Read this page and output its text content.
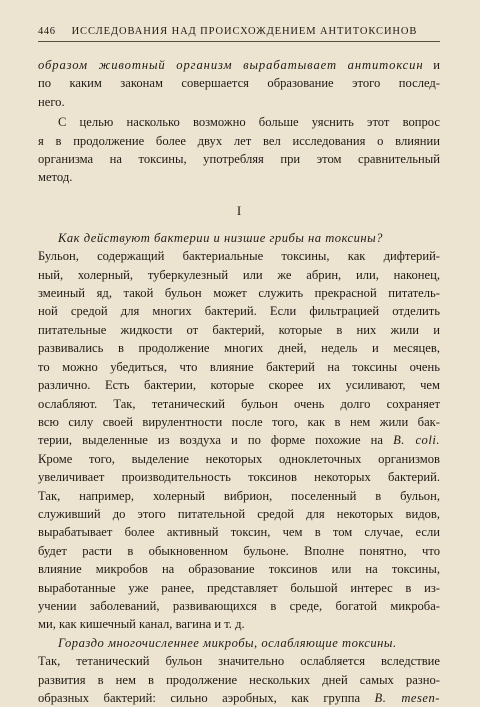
446 ИССЛЕДОВАНИЯ НАД ПРОИСХОЖДЕНИЕМ АНТИТОКСИНОВ

образом животный организм вырабатывает антитоксин и
по каким законам совершается образование этого послед-
него.

С целью насколько возможно больше уяснить этот вопрос
я в продолжение более двух лет вел исследования о влиянии
организма на токсины, употребляя при этом сравнительный
метод.

I

Как действуют бактерии и низшие грибы на токсины?
Бульон, содержащий бактериальные токсины, как дифтерий-
ный, холерный, туберкулезный или же абрин, или, наконец,
змеиный яд, такой бульон может служить прекрасной питатель-
ной средой для многих бактерий. Если фильтрацией отделить
питательные жидкости от бактерий, которые в них жили и
развивались в продолжение многих дней, недель и месяцев,
то можно убедиться, что влияние бактерий на токсины очень
различно. Есть бактерии, которые скорее их усиливают, чем
ослабляют. Так, тетанический бульон очень долго сохраняет
всю силу своей вирулентности после того, как в нем жили бак-
терии, выделенные из воздуха и по форме похожие на B. coli.
Кроме того, выделение некоторых одноклеточных организмов
увеличивает производительность токсинов некоторых бактерий.
Так, например, холерный вибрион, поселенный в бульон,
служивший до этого питательной средой для некоторых видов,
вырабатывает более активный токсин, чем в том случае, если
будет расти в обыкновенном бульоне. Вполне понятно, что
влияние микробов на образование токсинов или на токсины,
выработанные уже ранее, представляет большой интерес в из-
учении заболеваний, развивающихся в среде, богатой микроба-
ми, как кишечный канал, вагина и т. д.

Гораздо многочисленнее микробы, ослабляющие токсины.
Так, тетанический бульон значительно ослабляется вследствие
развития в нем в продолжение нескольких дней самых разно-
образных бактерий: сильно аэробных, как группа B. mesen-
